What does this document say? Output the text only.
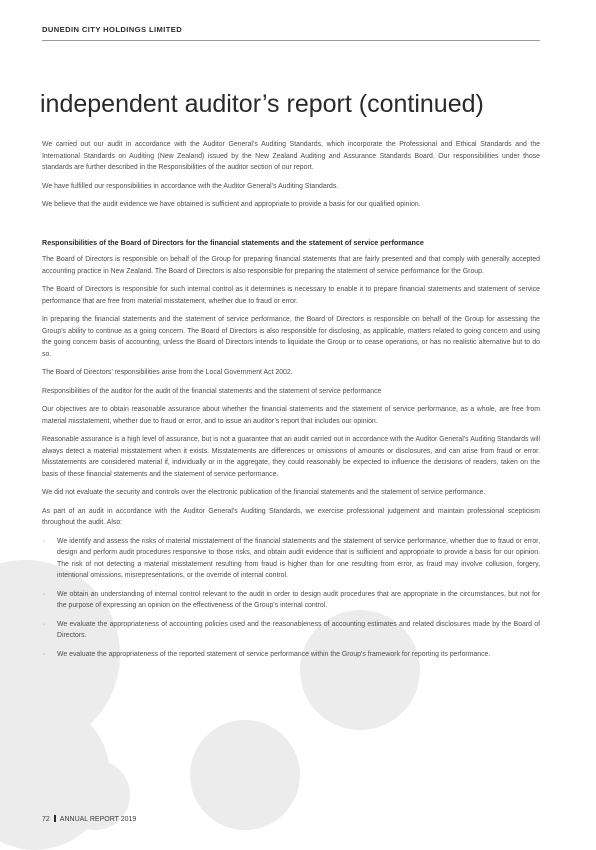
DUNEDIN CITY HOLDINGS LIMITED
independent auditor’s report (continued)

We carried out our audit in accordance with the Auditor General’s Auditing Standards, which incorporate the Professional and Ethical Standards and the International Standards on Auditing (New Zealand) issued by the New Zealand Auditing and Assurance Standards Board. Our responsibilities under those standards are further described in the Responsibilities of the auditor section of our report.

We have fulfilled our responsibilities in accordance with the Auditor General’s Auditing Standards.

We believe that the audit evidence we have obtained is sufficient and appropriate to provide a basis for our qualified opinion.

Responsibilities of the Board of Directors for the financial statements and the statement of service performance

The Board of Directors is responsible on behalf of the Group for preparing financial statements that are fairly presented and that comply with generally accepted accounting practice in New Zealand. The Board of Directors is also responsible for preparing the statement of service performance for the Group.

The Board of Directors is responsible for such internal control as it determines is necessary to enable it to prepare financial statements and statement of service performance that are free from material misstatement, whether due to fraud or error.

In preparing the financial statements and the statement of service performance, the Board of Directors is responsible on behalf of the Group for assessing the Group’s ability to continue as a going concern. The Board of Directors is also responsible for disclosing, as applicable, matters related to going concern and using the going concern basis of accounting, unless the Board of Directors intends to liquidate the Group or to cease operations, or has no realistic alternative but to do so.

The Board of Directors’ responsibilities arise from the Local Government Act 2002.

Responsibilities of the auditor for the audit of the financial statements and the statement of service performance

Our objectives are to obtain reasonable assurance about whether the financial statements and the statement of service performance, as a whole, are free from material misstatement, whether due to fraud or error, and to issue an auditor’s report that includes our opinion.

Reasonable assurance is a high level of assurance, but is not a guarantee that an audit carried out in accordance with the Auditor General’s Auditing Standards will always detect a material misstatement when it exists. Misstatements are differences or omissions of amounts or disclosures, and can arise from fraud or error. Misstatements are considered material if, individually or in the aggregate, they could reasonably be expected to influence the decisions of readers, taken on the basis of these financial statements and the statement of service performance.

We did not evaluate the security and controls over the electronic publication of the financial statements and the statement of service performance.

As part of an audit in accordance with the Auditor General’s Auditing Standards, we exercise professional judgement and maintain professional scepticism throughout the audit. Also:

· We identify and assess the risks of material misstatement of the financial statements and the statement of service performance, whether due to fraud or error, design and perform audit procedures responsive to those risks, and obtain audit evidence that is sufficient and appropriate to provide a basis for our opinion. The risk of not detecting a material misstatement resulting from fraud is higher than for one resulting from error, as fraud may involve collusion, forgery, intentional omissions, misrepresentations, or the override of internal control.

· We obtain an understanding of internal control relevant to the audit in order to design audit procedures that are appropriate in the circumstances, but not for the purpose of expressing an opinion on the effectiveness of the Group’s internal control.

· We evaluate the appropriateness of accounting policies used and the reasonableness of accounting estimates and related disclosures made by the Board of Directors.

· We evaluate the appropriateness of the reported statement of service performance within the Group’s framework for reporting its performance.

72 ANNUAL REPORT 2019
